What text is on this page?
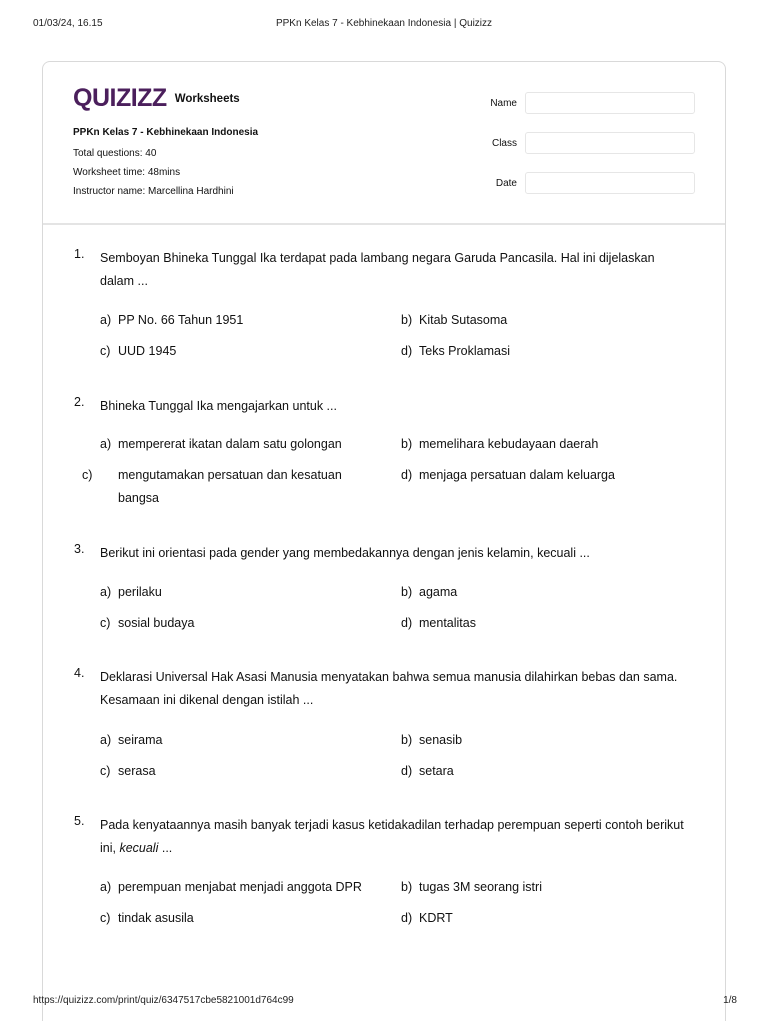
01/03/24, 16.15	PPKn Kelas 7 - Kebhinekaan Indonesia | Quizizz
QUIZIZZ Worksheets
PPKn Kelas 7 - Kebhinekaan Indonesia
Total questions: 40
Worksheet time: 48mins
Instructor name: Marcellina Hardhini
Name
Class
Date
1. Semboyan Bhineka Tunggal Ika terdapat pada lambang negara Garuda Pancasila. Hal ini dijelaskan dalam ...
a) PP No. 66 Tahun 1951	b) Kitab Sutasoma
c) UUD 1945	d) Teks Proklamasi
2. Bhineka Tunggal Ika mengajarkan untuk ...
a) mempererat ikatan dalam satu golongan	b) memelihara kebudayaan daerah
c) mengutamakan persatuan dan kesatuan bangsa
d) menjaga persatuan dalam keluarga
3. Berikut ini orientasi pada gender yang membedakannya dengan jenis kelamin, kecuali ...
a) perilaku	b) agama
c) sosial budaya	d) mentalitas
4. Deklarasi Universal Hak Asasi Manusia menyatakan bahwa semua manusia dilahirkan bebas dan sama. Kesamaan ini dikenal dengan istilah ...
a) seirama	b) senasib
c) serasa	d) setara
5. Pada kenyataannya masih banyak terjadi kasus ketidakadilan terhadap perempuan seperti contoh berikut ini, kecuali ...
a) perempuan menjabat menjadi anggota DPR	b) tugas 3M seorang istri
c) tindak asusila	d) KDRT
https://quizizz.com/print/quiz/6347517cbe5821001d764c99	1/8
